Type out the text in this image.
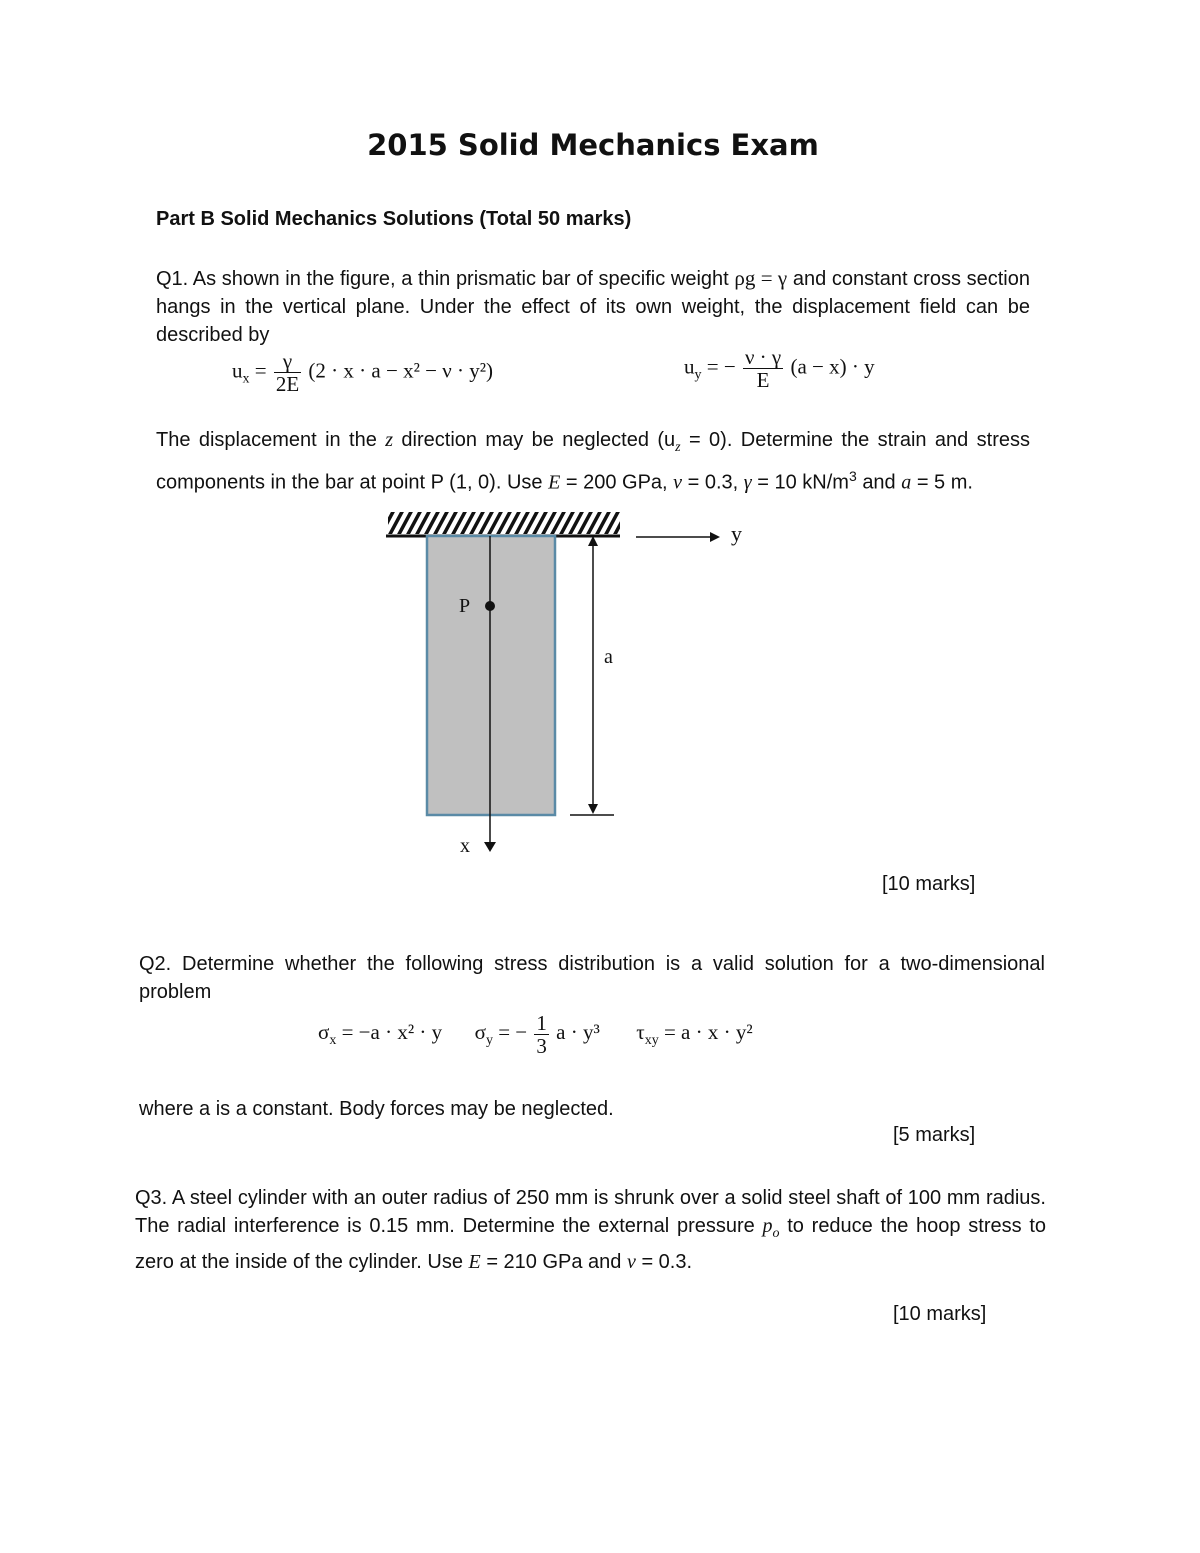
2015 Solid Mechanics Exam
Part B Solid Mechanics Solutions (Total 50 marks)
Q1. As shown in the figure, a thin prismatic bar of specific weight ρg = γ and constant cross section hangs in the vertical plane. Under the effect of its own weight, the displacement field can be described by
$u_x = \frac{\gamma}{2E} (2 \cdot x \cdot a - x^2 - \nu \cdot y^2)$	$u_y$ = − $\frac{\nu \cdot \gamma}{E} (a - x) \cdot y$
The displacement in the z direction may be neglected $(u_z = 0)$. Determine the strain and stress components in the bar at point P (1, 0). Use E = 200 GPa, ν = 0.3, γ = 10 $kN/m^3$ and a = 5 m.
y
x
P
a
[10 marks]
Q2. Determine whether the following stress distribution is a valid solution for a two-dimensional problem
$\sigma_x = -a \cdot x^2 \cdot y$ $\sigma_y$ = − $\frac{1}{3}$ a · y³ $\tau_{xy} = a \cdot x \cdot y^2$
where a is a constant. Body forces may be neglected.
[5 marks]
Q3. A steel cylinder with an outer radius of 250 mm is shrunk over a solid steel shaft of 100 mm radius. The radial interference is 0.15 mm. Determine the external pressure $p_o$ to reduce the hoop stress to zero at the inside of the cylinder. Use E = 210 GPa and ν = 0.3.
[10 marks]
